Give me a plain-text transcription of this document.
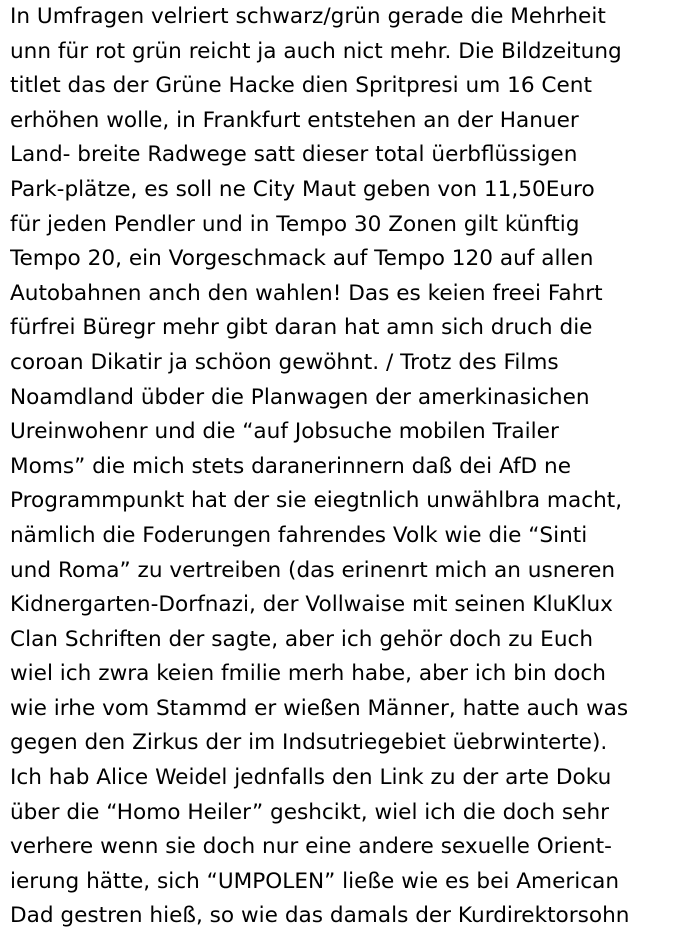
In Umfragen velriert schwarz/grün gerade die Mehrheit
unn für rot grün reicht ja auch nict mehr. Die Bildzeitung
titlet das der Grüne Hacke dien Spritpresi um 16 Cent
erhöhen wolle, in Frankfurt entstehen an der Hanuer
Land- breite Radwege satt dieser total üerbflüssigen
Park-plätze, es soll ne City Maut geben von 11,50Euro
für jeden Pendler und in Tempo 30 Zonen gilt künftig
Tempo 20, ein Vorgeschmack auf Tempo 120 auf allen
Autobahnen anch den wahlen! Das es keien freei Fahrt
fürfrei Büregr mehr gibt daran hat amn sich druch die
coroan Dikatir ja schöon gewöhnt. / Trotz des Films
Noamdland übder die Planwagen der amerkinasichen
Ureinwohenr und die “auf Jobsuche mobilen Trailer
Moms” die mich stets daranerinnern daß dei AfD ne
Programmpunkt hat der sie eiegtnlich unwählbra macht,
nämlich die Foderungen fahrendes Volk wie die “Sinti
und Roma” zu vertreiben (das erinenrt mich an usneren
Kidnergarten-Dorfnazi, der Vollwaise mit seinen KluKlux
Clan Schriften der sagte, aber ich gehör doch zu Euch
wiel ich zwra keien fmilie merh habe, aber ich bin doch
wie irhe vom Stammd er wießen Männer, hatte auch was
gegen den Zirkus der im Indsutriegebiet üebrwinterte).
Ich hab Alice Weidel jednfalls den Link zu der arte Doku
über die “Homo Heiler” geshcikt, wiel ich die doch sehr
verhere wenn sie doch nur eine andere sexuelle Orient-
ierung hätte, sich “UMPOLEN” ließe wie es bei American
Dad gestren hieß, so wie das damals der Kurdirektorsohn
